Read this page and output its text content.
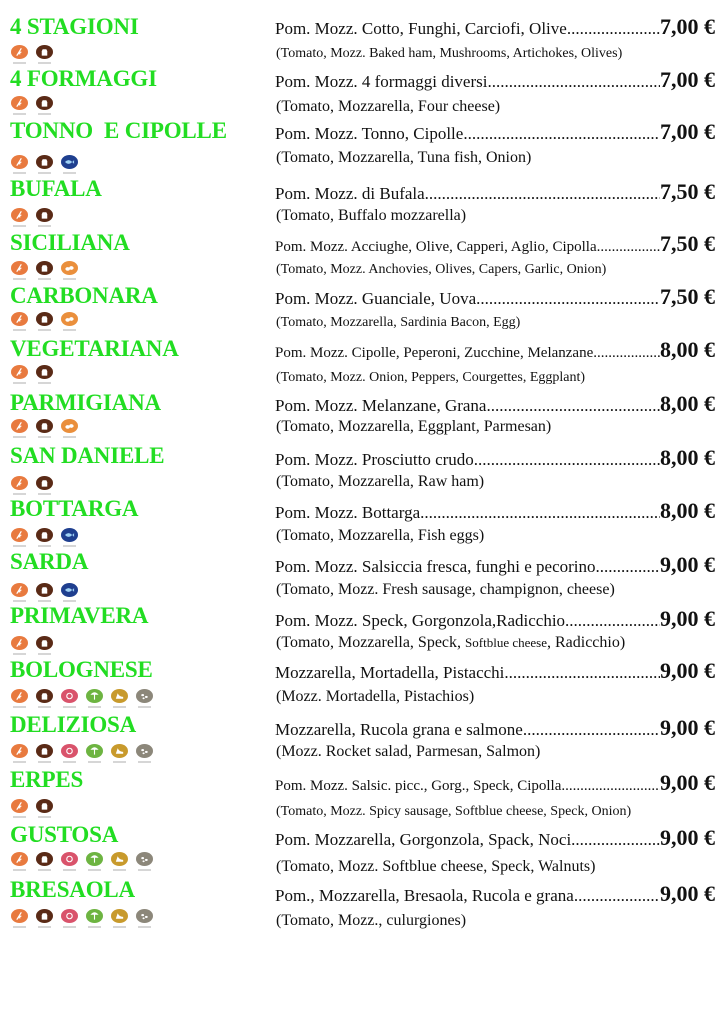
4 STAGIONI	Pom. Mozz. Cotto, Funghi, Carciofi, Olive .....	7,00 €
(Tomato, Mozz. Baked ham, Mushrooms, Artichokes, Olives)
4 FORMAGGI	Pom. Mozz. 4 formaggi diversi .....	7,00 €
(Tomato, Mozzarella, Four cheese)
TONNO  E CIPOLLE	Pom. Mozz. Tonno, Cipolle .....	7,00 €
(Tomato, Mozzarella, Tuna fish, Onion)
BUFALA	Pom. Mozz. di Bufala .....	7,50 €
(Tomato, Buffalo mozzarella)
SICILIANA	Pom. Mozz. Acciughe, Olive, Capperi, Aglio, Cipolla.. .....	7,50 €
(Tomato, Mozz. Anchovies, Olives, Capers, Garlic, Onion)
CARBONARA	Pom. Mozz. Guanciale, Uova .....	7,50 €
(Tomato, Mozzarella, Sardinia Bacon, Egg)
VEGETARIANA	Pom. Mozz. Cipolle, Peperoni, Zucchine, Melanzane... .....	8,00 €
(Tomato, Mozz. Onion, Peppers, Courgettes, Eggplant)
PARMIGIANA	Pom. Mozz. Melanzane, Grana .....	8,00 €
(Tomato, Mozzarella, Eggplant, Parmesan)
SAN DANIELE	Pom. Mozz. Prosciutto crudo .....	8,00 €
(Tomato, Mozzarella, Raw ham)
BOTTARGA	Pom. Mozz. Bottarga .....	8,00 €
(Tomato, Mozzarella, Fish eggs)
SARDA	Pom. Mozz. Salsiccia fresca, funghi e pecorino.. .....	9,00 €
(Tomato, Mozz. Fresh sausage, champignon, cheese)
PRIMAVERA	Pom. Mozz. Speck, Gorgonzola,Radicchio .....	9,00 €
(Tomato, Mozzarella, Speck, Softblue cheese, Radicchio)
BOLOGNESE	Mozzarella, Mortadella, Pistacchi .....	9,00 €
(Mozz. Mortadella, Pistachios)
DELIZIOSA	Mozzarella, Rucola grana e salmone .....	9,00 €
(Mozz. Rocket salad, Parmesan, Salmon)
ERPES	Pom. Mozz. Salsic. picc., Gorg., Speck, Cipolla .....	9,00 €
(Tomato, Mozz. Spicy sausage, Softblue cheese, Speck, Onion)
GUSTOSA	Pom. Mozzarella, Gorgonzola, Spack, Noci .....	9,00 €
(Tomato, Mozz. Softblue cheese, Speck, Walnuts)
BRESAOLA	Pom., Mozzarella, Bresaola, Rucola e grana .....	9,00 €
(Tomato, Mozz., culurgiones)
